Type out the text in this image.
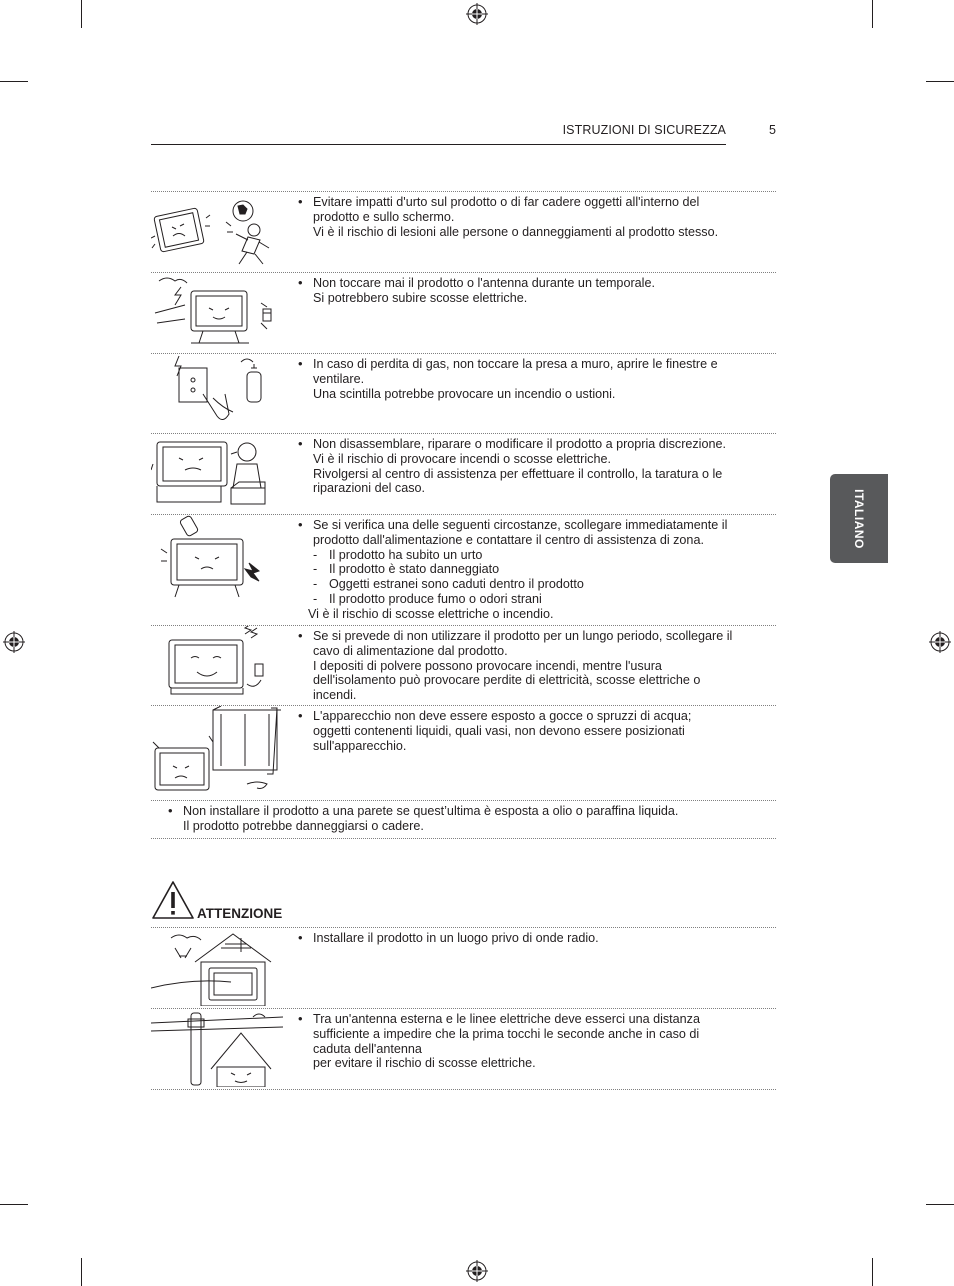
ISTRUZIONI DI SICUREZZA	5
ITALIANO
• Evitare impatti d'urto sul prodotto o di far cadere oggetti all'interno del
prodotto e sullo schermo.
Vi è il rischio di lesioni alle persone o danneggiamenti al prodotto stesso.
• Non toccare mai il prodotto o l'antenna durante un temporale.
Si potrebbero subire scosse elettriche.
• In caso di perdita di gas, non toccare la presa a muro, aprire le finestre e
ventilare.
Una scintilla potrebbe provocare un incendio o ustioni.
• Non disassemblare, riparare o modificare il prodotto a propria discrezione.
Vi è il rischio di provocare incendi o scosse elettriche.
Rivolgersi al centro di assistenza per effettuare il controllo, la taratura o le
riparazioni del caso.
• Se si verifica una delle seguenti circostanze, scollegare immediatamente il
prodotto dall'alimentazione e contattare il centro di assistenza di zona.
- Il prodotto ha subito un urto
- Il prodotto è stato danneggiato
- Oggetti estranei sono caduti dentro il prodotto
- Il prodotto produce fumo o odori strani
Vi è il rischio di scosse elettriche o incendio.
• Se si prevede di non utilizzare il prodotto per un lungo periodo, scollegare il
cavo di alimentazione dal prodotto.
I depositi di polvere possono provocare incendi, mentre l'usura
dell'isolamento può provocare perdite di elettricità, scosse elettriche o
incendi.
• L'apparecchio non deve essere esposto a gocce o spruzzi di acqua;
oggetti contenenti liquidi, quali vasi, non devono essere posizionati
sull'apparecchio.
• Installare il prodotto in un luogo privo di onde radio.
• Tra un'antenna esterna e le linee elettriche deve esserci una distanza
sufficiente a impedire che la prima tocchi le seconde anche in caso di
caduta dell'antenna
per evitare il rischio di scosse elettriche.
• Non installare il prodotto a una parete se quest’ultima è esposta a olio o paraffina liquida.
Il prodotto potrebbe danneggiarsi o cadere.
ATTENZIONE
